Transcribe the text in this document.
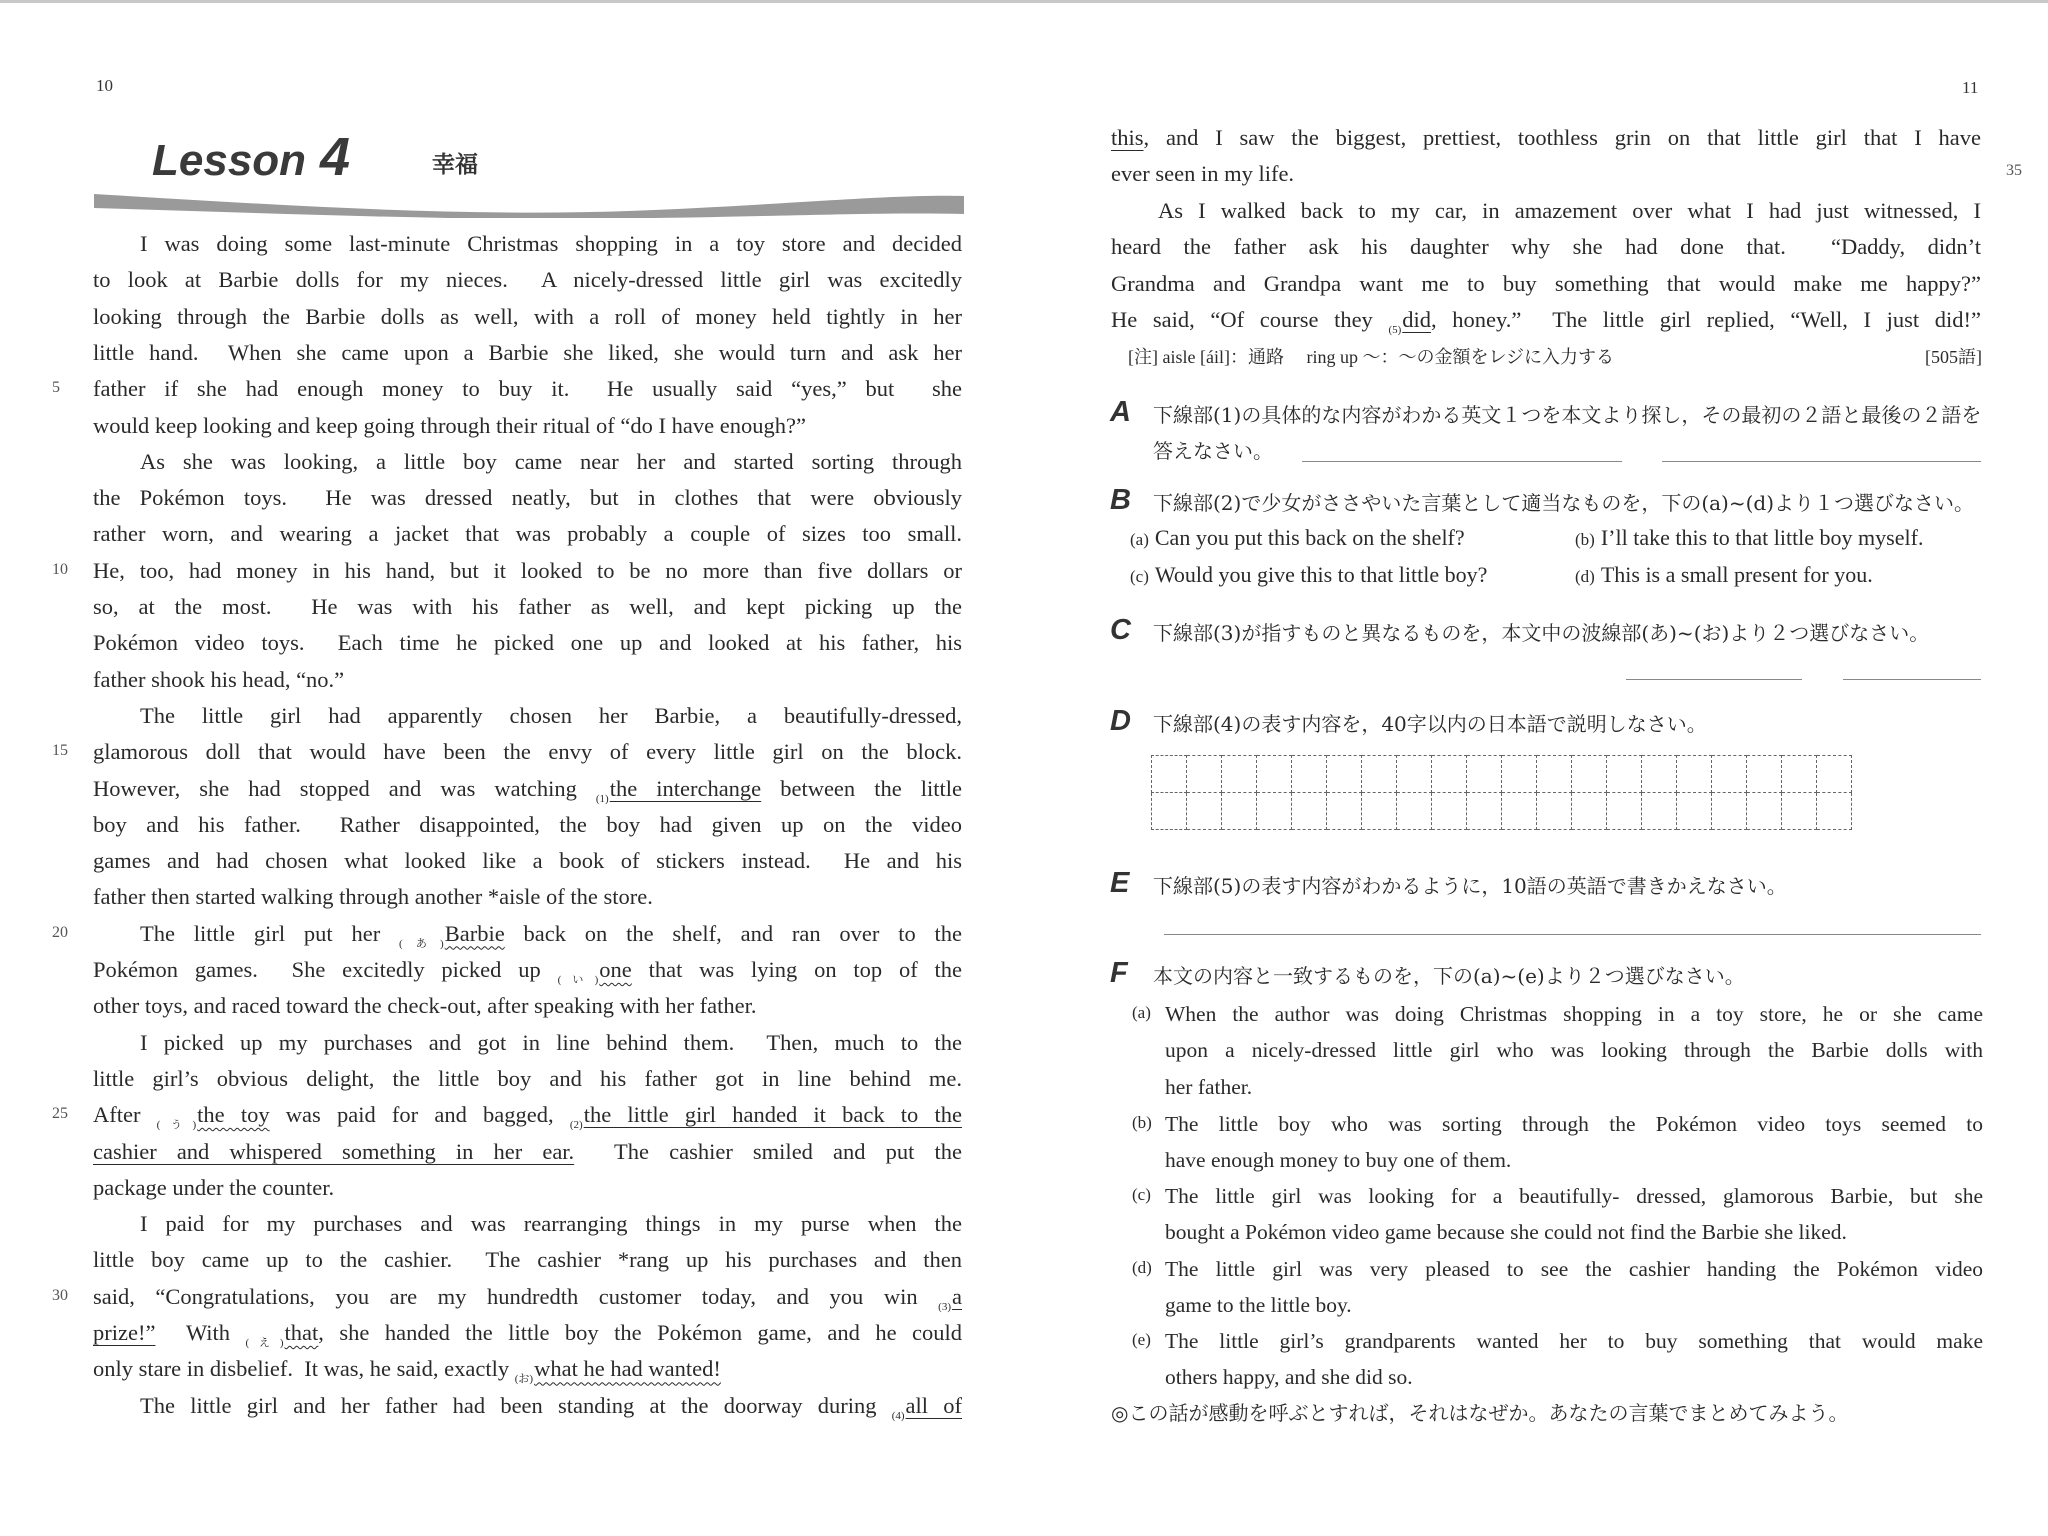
10
Lesson 4	幸福
I was doing some last-minute Christmas shopping in a toy store and decided
to look at Barbie dolls for my nieces.  A nicely-dressed little girl was excitedly
looking through the Barbie dolls as well, with a roll of money held tightly in her
little hand.  When she came upon a Barbie she liked, she would turn and ask her
father if she had enough money to buy it.  He usually said “yes,” but  she
5
would keep looking and keep going through their ritual of “do I have enough?”
As she was looking, a little boy came near her and started sorting through
the Pokémon toys.  He was dressed neatly, but in clothes that were obviously
rather worn, and wearing a jacket that was probably a couple of sizes too small.
He, too, had money in his hand, but it looked to be no more than five dollars or
10
so, at the most.  He was with his father as well, and kept picking up the
Pokémon video toys.  Each time he picked one up and looked at his father, his
father shook his head, “no.”
The little girl had apparently chosen her Barbie, a beautifully-dressed,
glamorous doll that would have been the envy of every little girl on the block.
15
However, she had stopped and was watching $_{(1)}$the interchange between the little
boy and his father.  Rather disappointed, the boy had given up on the video
games and had chosen what looked like a book of stickers instead.  He and his
father then started walking through another *aisle of the store.
The little girl put her $_{(あ)}$Barbie back on the shelf, and ran over to the
20
Pokémon games.  She excitedly picked up $_{(い)}$one that was lying on top of the
other toys, and raced toward the check-out, after speaking with her father.
I picked up my purchases and got in line behind them.  Then, much to the
little girl’s obvious delight, the little boy and his father got in line behind me.
After $_{(う)}$the toy was paid for and bagged, $_{(2)}$the little girl handed it back to the
25
cashier and whispered something in her ear.  The cashier smiled and put the
package under the counter.
I paid for my purchases and was rearranging things in my purse when the
little boy came up to the cashier.  The cashier *rang up his purchases and then
said, “Congratulations, you are my hundredth customer today, and you win $_{(3)}$a
30
prize!”  With $_{(え)}$that, she handed the little boy the Pokémon game, and he could
only stare in disbelief.  It was, he said, exactly $_{(お)}$what he had wanted!
The little girl and her father had been standing at the doorway during $_{(4)}$all of
11
35
this, and I saw the biggest, prettiest, toothless grin on that little girl that I have
ever seen in my life.
As I walked back to my car, in amazement over what I had just witnessed, I
heard the father ask his daughter why she had done that.  “Daddy, didn’t
Grandma and Grandpa want me to buy something that would make me happy?”
He said, “Of course they $_{(5)}$did, honey.”  The little girl replied, “Well, I just did!”
[注] aisle [áil]：通路　 ring up ～：～の金額をレジに入力する	[505語]
A 下線部(1)の具体的な内容がわかる英文１つを本文より探し，その最初の２語と最後の２語を
答えなさい。
B 下線部(2)で少女がささやいた言葉として適当なものを，下の(a)~(d)より１つ選びなさい。
(a) Can you put this back on the shelf?	(b) I’ll take this to that little boy myself.
(c) Would you give this to that little boy?	(d) This is a small present for you.
C 下線部(3)が指すものと異なるものを，本文中の波線部(あ)~(お)より２つ選びなさい。
D 下線部(4)の表す内容を，40字以内の日本語で説明しなさい。

E 下線部(5)の表す内容がわかるように，10語の英語で書きかえなさい。
F 本文の内容と一致するものを，下の(a)~(e)より２つ選びなさい。
(a) When the author was doing Christmas shopping in a toy store, he or she came
upon a nicely-dressed little girl who was looking through the Barbie dolls with
her father.
(b) The little boy who was sorting through the Pokémon video toys seemed to
have enough money to buy one of them.
(c) The little girl was looking for a beautifully- dressed, glamorous Barbie, but she
bought a Pokémon video game because she could not find the Barbie she liked.
(d) The little girl was very pleased to see the cashier handing the Pokémon video
game to the little boy.
(e) The little girl’s grandparents wanted her to buy something that would make
others happy, and she did so.
◎この話が感動を呼ぶとすれば，それはなぜか。あなたの言葉でまとめてみよう。
